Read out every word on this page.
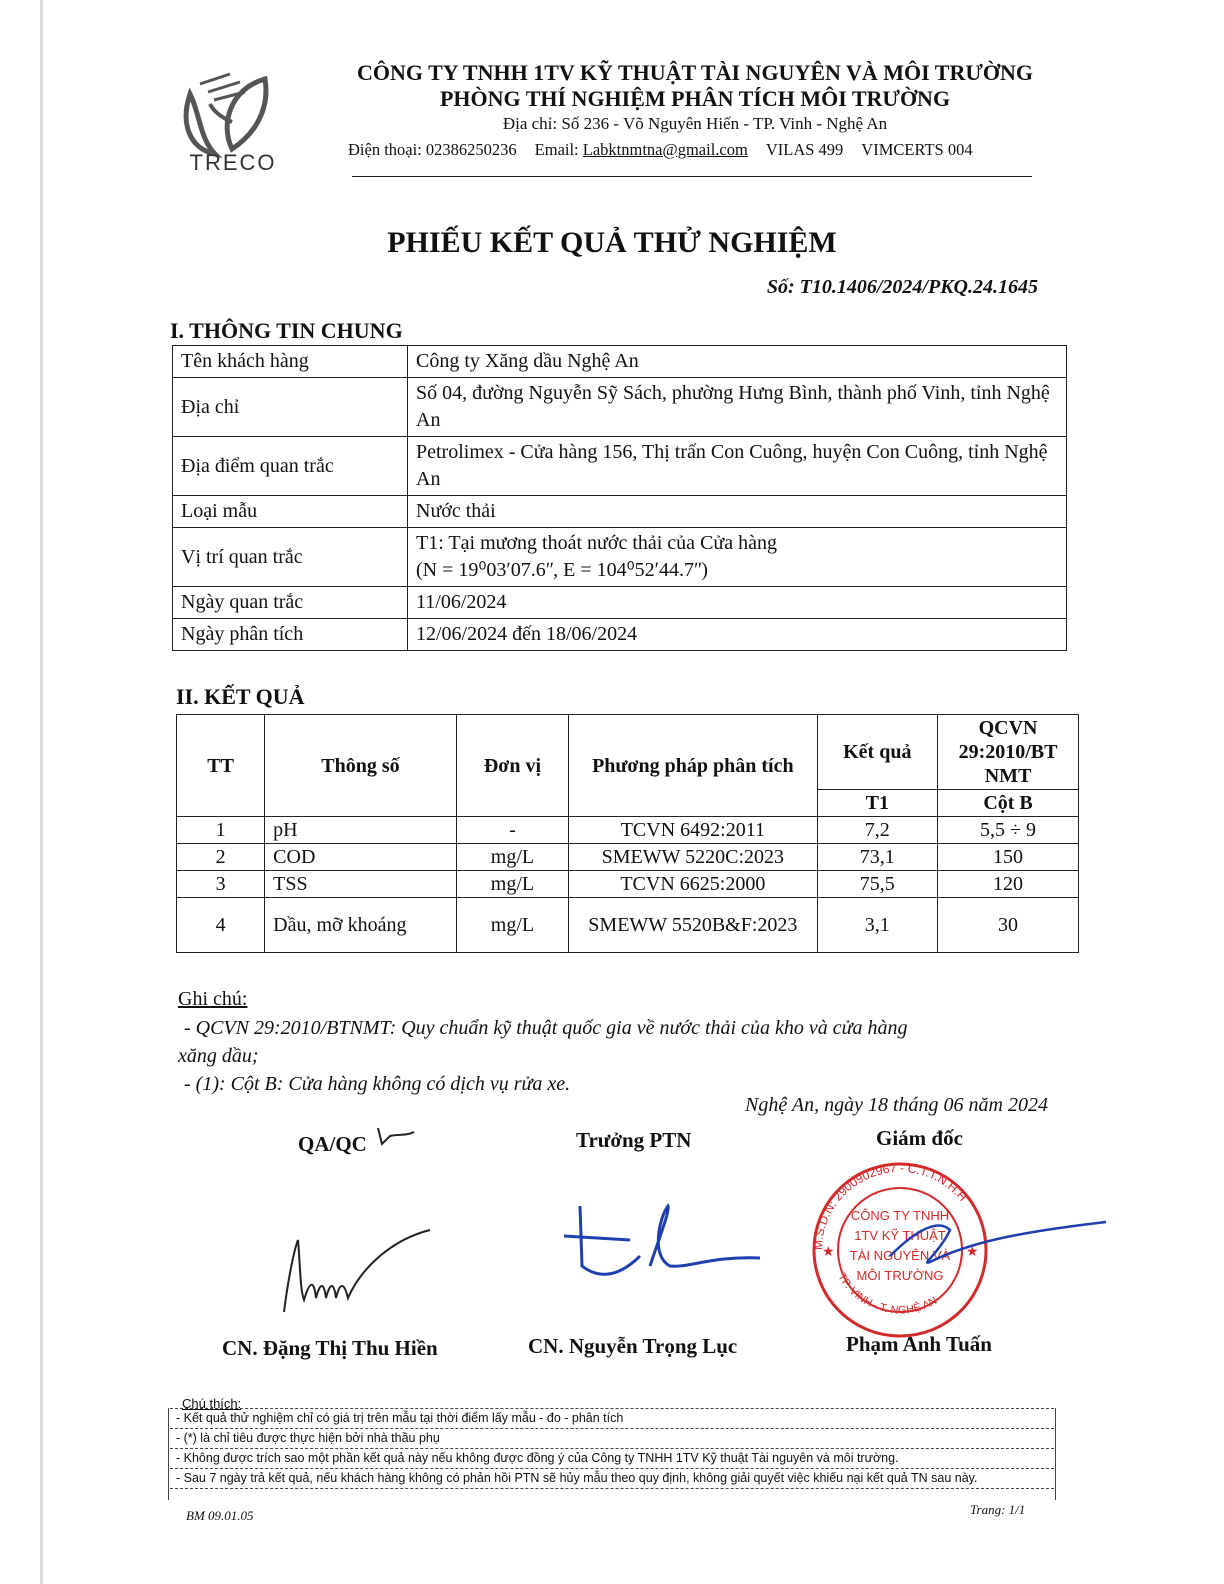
TRECO
CÔNG TY TNHH 1TV KỸ THUẬT TÀI NGUYÊN VÀ MÔI TRƯỜNG
PHÒNG THÍ NGHIỆM PHÂN TÍCH MÔI TRƯỜNG
Địa chỉ: Số 236 - Võ Nguyên Hiến - TP. Vinh - Nghệ An
Điện thoại: 02386250236 Email: Labktnmtna@gmail.com VILAS 499 VIMCERTS 004
PHIẾU KẾT QUẢ THỬ NGHIỆM
Số: T10.1406/2024/PKQ.24.1645
I. THÔNG TIN CHUNG
Tên khách hàng	Công ty Xăng dầu Nghệ An
Địa chỉ	Số 04, đường Nguyễn Sỹ Sách, phường Hưng Bình, thành phố Vinh, tỉnh Nghệ An
Địa điểm quan trắc	Petrolimex - Cửa hàng 156, Thị trấn Con Cuông, huyện Con Cuông, tỉnh Nghệ An
Loại mẫu	Nước thải
Vị trí quan trắc	T1: Tại mương thoát nước thải của Cửa hàng
(N = 19⁰03ʹ07.6ʺ, E = 104⁰52ʹ44.7ʺ)

Ngày quan trắc	11/06/2024
Ngày phân tích	12/06/2024 đến 18/06/2024
II. KẾT QUẢ
TT	Thông số	Đơn vị	Phương pháp phân tích	Kết quả	QCVN 29:2010/BT NMT
				T1	Cột B
1	pH	-	TCVN 6492:2011	7,2	5,5 ÷ 9
2	COD	mg/L	SMEWW 5220C:2023	73,1	150
3	TSS	mg/L	TCVN 6625:2000	75,5	120
4	Dầu, mỡ khoáng	mg/L	SMEWW 5520B&F:2023	3,1	30
Ghi chú:
- QCVN 29:2010/BTNMT: Quy chuẩn kỹ thuật quốc gia về nước thải của kho và cửa hàng
xăng dầu;
- (1): Cột B: Cửa hàng không có dịch vụ rửa xe.
Nghệ An, ngày 18 tháng 06 năm 2024
QA/QC	Trưởng PTN	Giám đốc
M.S.D.N: 2900902967 - C.T.T.N.H.H
TP. VINH - T. NGHỆ AN
CÔNG TY TNHH
1TV KỸ THUẬT
TÀI NGUYÊN VÀ
MÔI TRƯỜNG
★	★
CN. Đặng Thị Thu Hiền	CN. Nguyễn Trọng Lục	Phạm Anh Tuấn
Chú thích:
- Kết quả thử nghiệm chỉ có giá trị trên mẫu tại thời điểm lấy mẫu - đo - phân tích
- (*) là chỉ tiêu được thực hiện bởi nhà thầu phụ
- Không được trích sao một phần kết quả này nếu không được đồng ý của Công ty TNHH 1TV Kỹ thuật Tài nguyên và môi trường.
- Sau 7 ngày trả kết quả, nếu khách hàng không có phản hồi PTN sẽ hủy mẫu theo quy định, không giải quyết việc khiếu nại kết quả TN sau này.
BM 09.01.05	Trang: 1/1
